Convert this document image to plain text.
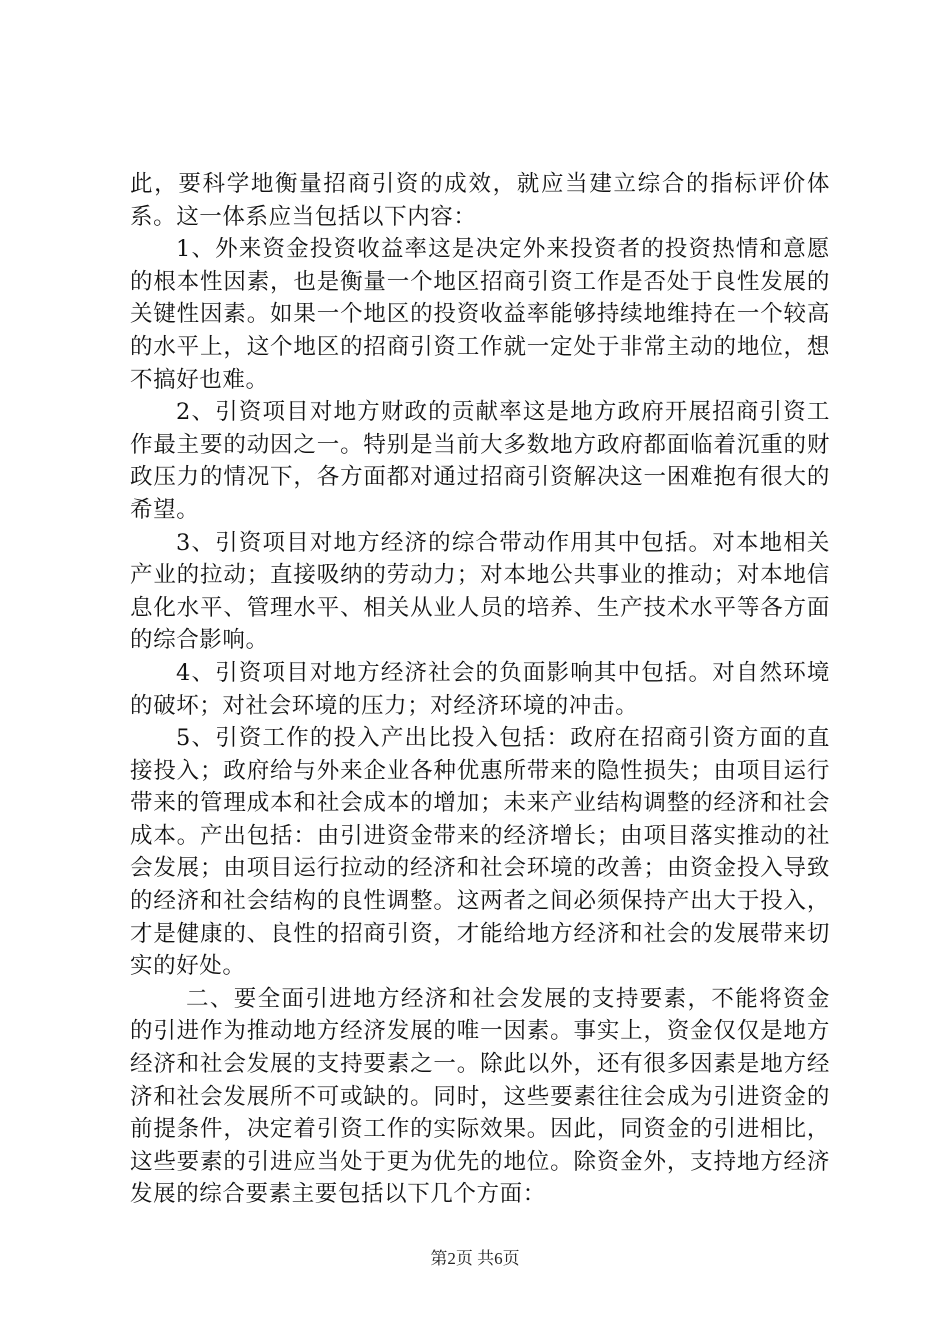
此，要科学地衡量招商引资的成效，就应当建立综合的指标评价体系。这一体系应当包括以下内容：

1、外来资金投资收益率这是决定外来投资者的投资热情和意愿的根本性因素，也是衡量一个地区招商引资工作是否处于良性发展的关键性因素。如果一个地区的投资收益率能够持续地维持在一个较高的水平上，这个地区的招商引资工作就一定处于非常主动的地位，想不搞好也难。

2、引资项目对地方财政的贡献率这是地方政府开展招商引资工作最主要的动因之一。特别是当前大多数地方政府都面临着沉重的财政压力的情况下，各方面都对通过招商引资解决这一困难抱有很大的希望。

3、引资项目对地方经济的综合带动作用其中包括。对本地相关产业的拉动；直接吸纳的劳动力；对本地公共事业的推动；对本地信息化水平、管理水平、相关从业人员的培养、生产技术水平等各方面的综合影响。

4、引资项目对地方经济社会的负面影响其中包括。对自然环境的破坏；对社会环境的压力；对经济环境的冲击。

5、引资工作的投入产出比投入包括：政府在招商引资方面的直接投入；政府给与外来企业各种优惠所带来的隐性损失；由项目运行带来的管理成本和社会成本的增加；未来产业结构调整的经济和社会成本。产出包括：由引进资金带来的经济增长；由项目落实推动的社会发展；由项目运行拉动的经济和社会环境的改善；由资金投入导致的经济和社会结构的良性调整。这两者之间必须保持产出大于投入，才是健康的、良性的招商引资，才能给地方经济和社会的发展带来切实的好处。

二、要全面引进地方经济和社会发展的支持要素，不能将资金的引进作为推动地方经济发展的唯一因素。事实上，资金仅仅是地方经济和社会发展的支持要素之一。除此以外，还有很多因素是地方经济和社会发展所不可或缺的。同时，这些要素往往会成为引进资金的前提条件，决定着引资工作的实际效果。因此，同资金的引进相比，这些要素的引进应当处于更为优先的地位。除资金外，支持地方经济发展的综合要素主要包括以下几个方面：

第2页 共6页
